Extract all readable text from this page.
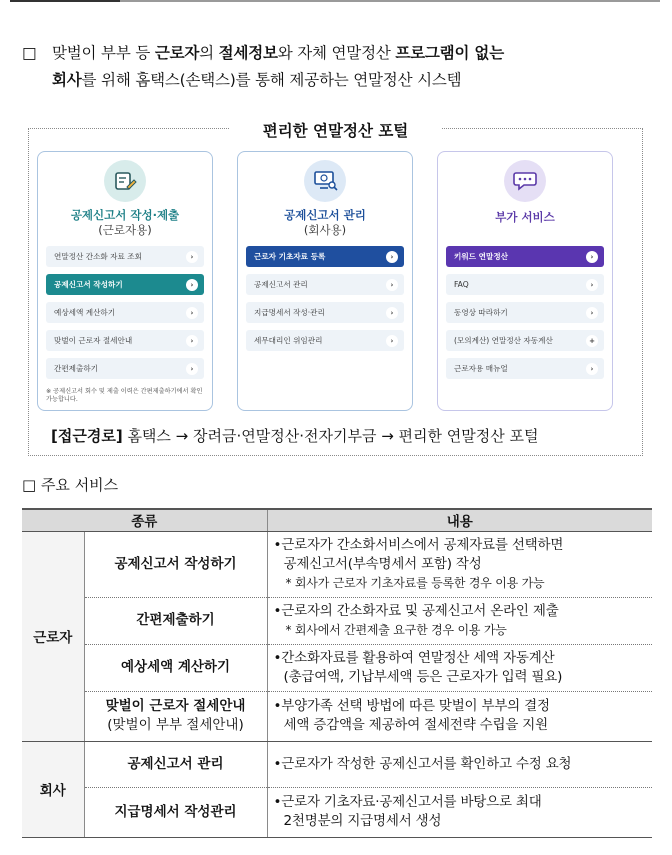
□ 맞벌이 부부 등 근로자의 절세정보와 자체 연말정산 프로그램이 없는
회사를 위해 홈택스(손택스)를 통해 제공하는 연말정산 시스템
편리한 연말정산 포털
공제신고서 작성·제출
(근로자용)
연말정산 간소화 자료 조회	›
공제신고서 작성하기	›
예상세액 계산하기	›
맞벌이 근로자 절세안내	›
간편제출하기	›
※ 공제신고서 회수 및 제출 이력은 간편제출하기에서 확인 가능합니다.
공제신고서 관리
(회사용)
근로자 기초자료 등록	›
공제신고서 관리	›
지급명세서 작성·관리	›
세무대리인 위임관리	›
부가 서비스
키워드 연말정산	›
FAQ	›
동영상 따라하기	›
(모의계산) 연말정산 자동계산	+
근로자용 매뉴얼	›
[접근경로] 홈택스 → 장려금·연말정산·전자기부금 → 편리한 연말정산 포털
□ 주요 서비스
종류		내용
근로자	공제신고서 작성하기	•근로자가 간소화서비스에서 공제자료를 선택하면
공제신고서(부속명세서 포함) 작성
* 회사가 근로자 기초자료를 등록한 경우 이용 가능

	간편제출하기	•근로자의 간소화자료 및 공제신고서 온라인 제출
* 회사에서 간편제출 요구한 경우 이용 가능

	예상세액 계산하기	•간소화자료를 활용하여 연말정산 세액 자동계산
(총급여액, 기납부세액 등은 근로자가 입력 필요)

	맞벌이 근로자 절세안내
(맞벌이 부부 절세안내)	•부양가족 선택 방법에 따른 맞벌이 부부의 결정
세액 증감액을 제공하여 절세전략 수립을 지원

회사	공제신고서 관리	•근로자가 작성한 공제신고서를 확인하고 수정 요청

	지급명세서 작성관리	•근로자 기초자료·공제신고서를 바탕으로 최대
2천명분의 지급명세서 생성
